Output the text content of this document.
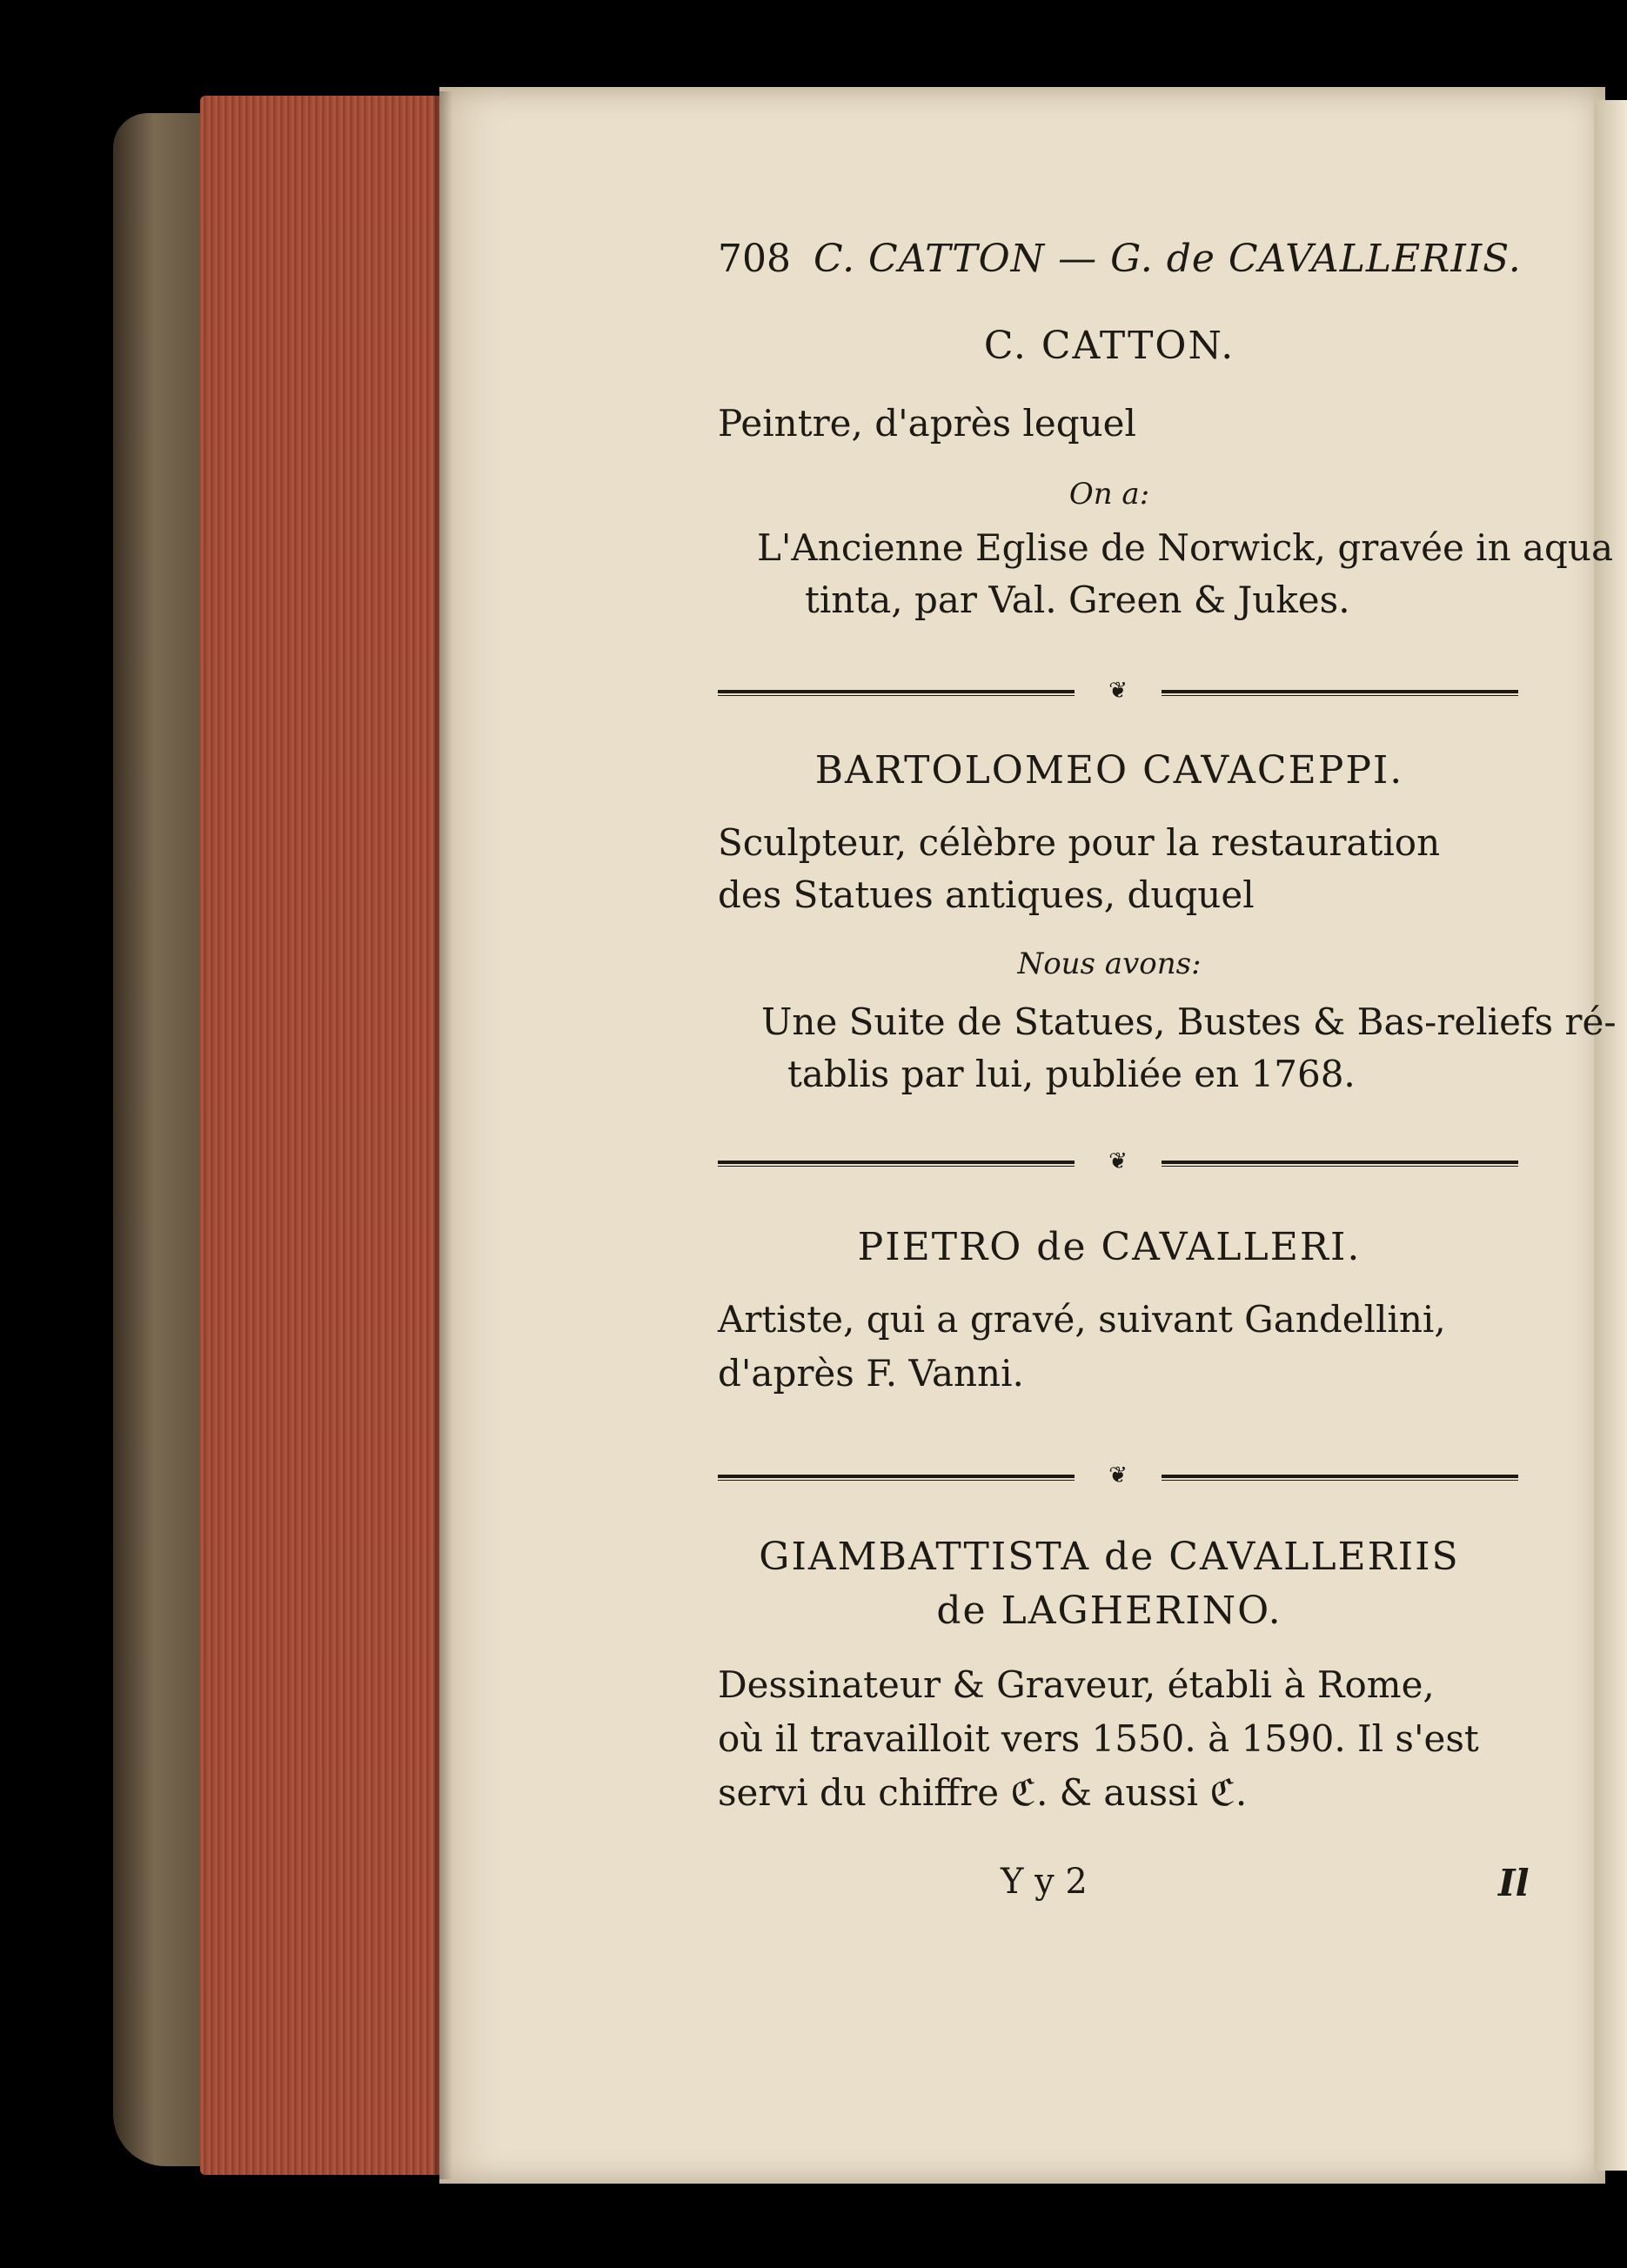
708 C. CATTON — G. de CAVALLERIIS.
C. CATTON.
Peintre, d'après lequel
On a:
L'Ancienne Eglise de Norwick, gravée in aqua
tinta, par Val. Green & Jukes.
❦
BARTOLOMEO CAVACEPPI.
Sculpteur, célèbre pour la restauration
des Statues antiques, duquel
Nous avons:
Une Suite de Statues, Bustes & Bas-reliefs ré-
tablis par lui, publiée en 1768.
❦
PIETRO de CAVALLERI.
Artiste, qui a gravé, suivant Gandellini,
d'après F. Vanni.
❦
GIAMBATTISTA de CAVALLERIIS
de LAGHERINO.
Dessinateur & Graveur, établi à Rome,
où il travailloit vers 1550. à 1590. Il s'est
servi du chiffre ℭ. & aussi ℭ.
Y y 2	Il
